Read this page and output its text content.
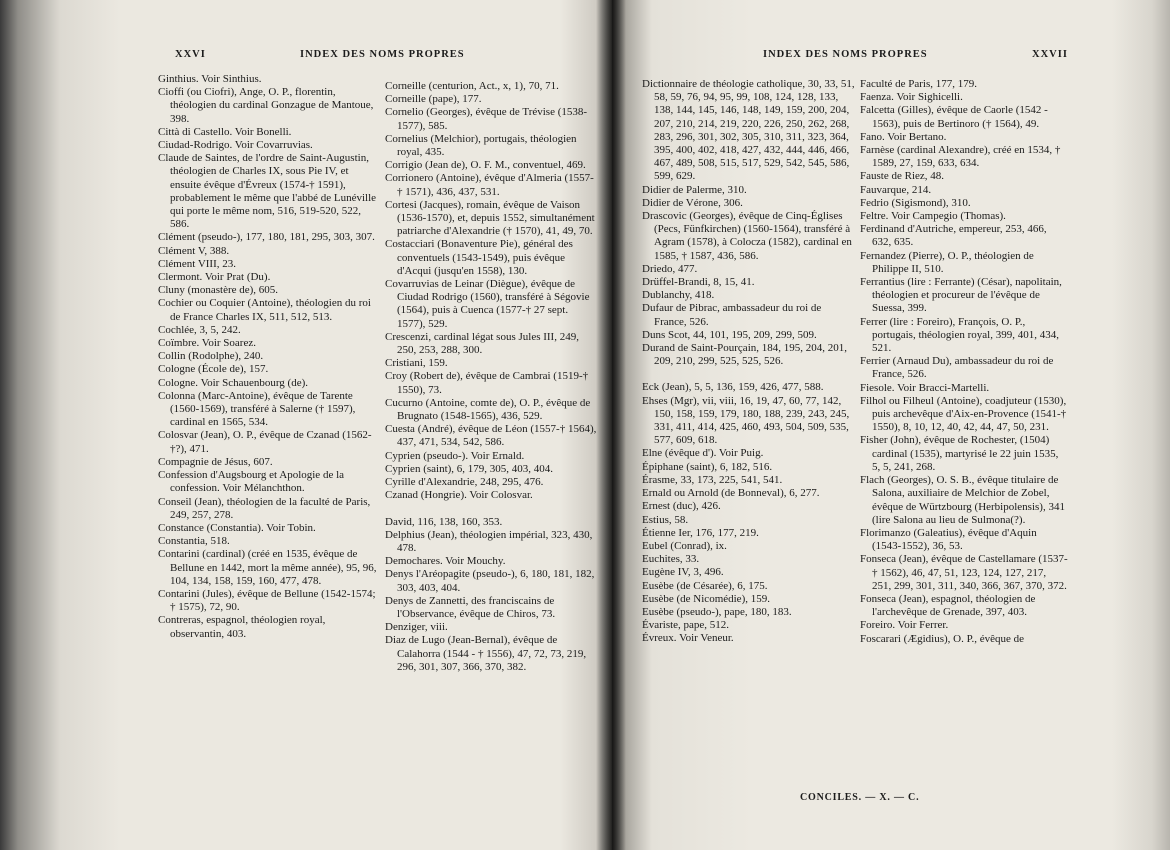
XXVI	INDEX DES NOMS PROPRES

Ginthius. Voir Sinthius.

Cioffi (ou Ciofri), Ange, O. P., florentin, théologien du cardinal Gonzague de Mantoue, 398.

Città di Castello. Voir Bonelli.

Ciudad-Rodrigo. Voir Covarruvias.

Claude de Saintes, de l'ordre de Saint-Augustin, théologien de Charles IX, sous Pie IV, et ensuite évêque d'Évreux (1574-† 1591), probablement le même que l'abbé de Lunéville qui porte le même nom, 516, 519-520, 522, 586.

Clément (pseudo-), 177, 180, 181, 295, 303, 307.

Clément V, 388.

Clément VIII, 23.

Clermont. Voir Prat (Du).

Cluny (monastère de), 605.

Cochier ou Coquier (Antoine), théologien du roi de France Charles IX, 511, 512, 513.

Cochlée, 3, 5, 242.

Coïmbre. Voir Soarez.

Collin (Rodolphe), 240.

Cologne (École de), 157.

Cologne. Voir Schauenbourg (de).

Colonna (Marc-Antoine), évêque de Tarente (1560-1569), transféré à Salerne († 1597), cardinal en 1565, 534.

Colosvar (Jean), O. P., évêque de Czanad (1562-†?), 471.

Compagnie de Jésus, 607.

Confession d'Augsbourg et Apologie de la confession. Voir Mélanchthon.

Conseil (Jean), théologien de la faculté de Paris, 249, 257, 278.

Constance (Constantia). Voir Tobin.

Constantia, 518.

Contarini (cardinal) (créé en 1535, évêque de Bellune en 1442, mort la même année), 95, 96, 104, 134, 158, 159, 160, 477, 478.

Contarini (Jules), évêque de Bellune (1542-1574; † 1575), 72, 90.

Contreras, espagnol, théologien royal, observantin, 403.

Corneille (centurion, Act., x, 1), 70, 71.

Corneille (pape), 177.

Cornelio (Georges), évêque de Trévise (1538-1577), 585.

Cornelius (Melchior), portugais, théologien royal, 435.

Corrigio (Jean de), O. F. M., conventuel, 469.

Corrionero (Antoine), évêque d'Almeria (1557-† 1571), 436, 437, 531.

Cortesi (Jacques), romain, évêque de Vaison (1536-1570), et, depuis 1552, simultanément patriarche d'Alexandrie († 1570), 41, 49, 70.

Costacciari (Bonaventure Pie), général des conventuels (1543-1549), puis évêque d'Acqui (jusqu'en 1558), 130.

Covarruvias de Leinar (Diègue), évêque de Ciudad Rodrigo (1560), transféré à Ségovie (1564), puis à Cuenca (1577-† 27 sept. 1577), 529.

Crescenzi, cardinal légat sous Jules III, 249, 250, 253, 288, 300.

Cristiani, 159.

Croy (Robert de), évêque de Cambrai (1519-† 1550), 73.

Cucurno (Antoine, comte de), O. P., évêque de Brugnato (1548-1565), 436, 529.

Cuesta (André), évêque de Léon (1557-† 1564), 437, 471, 534, 542, 586.

Cyprien (pseudo-). Voir Ernald.

Cyprien (saint), 6, 179, 305, 403, 404.

Cyrille d'Alexandrie, 248, 295, 476.

Czanad (Hongrie). Voir Colosvar.

David, 116, 138, 160, 353.

Delphius (Jean), théologien impérial, 323, 430, 478.

Demochares. Voir Mouchy.

Denys l'Aréopagite (pseudo-), 6, 180, 181, 182, 303, 403, 404.

Denys de Zannetti, des franciscains de l'Observance, évêque de Chiros, 73.

Denziger, viii.

Diaz de Lugo (Jean-Bernal), évêque de Calahorra (1544 - † 1556), 47, 72, 73, 219, 296, 301, 307, 366, 370, 382.

INDEX DES NOMS PROPRES	XXVII

Dictionnaire de théologie catholique, 30, 33, 51, 58, 59, 76, 94, 95, 99, 108, 124, 128, 133, 138, 144, 145, 146, 148, 149, 159, 200, 204, 207, 210, 214, 219, 220, 226, 250, 262, 268, 283, 296, 301, 302, 305, 310, 311, 323, 364, 395, 400, 402, 418, 427, 432, 444, 446, 466, 467, 489, 508, 515, 517, 529, 542, 545, 586, 599, 629.

Didier de Palerme, 310.

Didier de Vérone, 306.

Drascovic (Georges), évêque de Cinq-Églises (Pecs, Fünfkirchen) (1560-1564), transféré à Agram (1578), à Colocza (1582), cardinal en 1585, † 1587, 436, 586.

Driedo, 477.

Drüffel-Brandi, 8, 15, 41.

Dublanchy, 418.

Dufaur de Pibrac, ambassadeur du roi de France, 526.

Duns Scot, 44, 101, 195, 209, 299, 509.

Durand de Saint-Pourçain, 184, 195, 204, 201, 209, 210, 299, 525, 525, 526.

Eck (Jean), 5, 5, 136, 159, 426, 477, 588.

Ehses (Mgr), vii, viii, 16, 19, 47, 60, 77, 142, 150, 158, 159, 179, 180, 188, 239, 243, 245, 331, 411, 414, 425, 460, 493, 504, 509, 535, 577, 609, 618.

Elne (évêque d'). Voir Puig.

Épiphane (saint), 6, 182, 516.

Érasme, 33, 173, 225, 541, 541.

Ernald ou Arnold (de Bonneval), 6, 277.

Ernest (duc), 426.

Estius, 58.

Étienne Ier, 176, 177, 219.

Eubel (Conrad), ix.

Euchites, 33.

Eugène IV, 3, 496.

Eusèbe (de Césarée), 6, 175.

Eusèbe (de Nicomédie), 159.

Eusèbe (pseudo-), pape, 180, 183.

Évariste, pape, 512.

Évreux. Voir Veneur.

Faculté de Paris, 177, 179.

Faenza. Voir Sighicelli.

Falcetta (Gilles), évêque de Caorle (1542 - 1563), puis de Bertinoro († 1564), 49.

Fano. Voir Bertano.

Farnèse (cardinal Alexandre), créé en 1534, † 1589, 27, 159, 633, 634.

Fauste de Riez, 48.

Fauvarque, 214.

Fedrio (Sigismond), 310.

Feltre. Voir Campegio (Thomas).

Ferdinand d'Autriche, empereur, 253, 466, 632, 635.

Fernandez (Pierre), O. P., théologien de Philippe II, 510.

Ferrantius (lire : Ferrante) (César), napolitain, théologien et procureur de l'évêque de Suessa, 399.

Ferrer (lire : Foreiro), François, O. P., portugais, théologien royal, 399, 401, 434, 521.

Ferrier (Arnaud Du), ambassadeur du roi de France, 526.

Fiesole. Voir Bracci-Martelli.

Filhol ou Filheul (Antoine), coadjuteur (1530), puis archevêque d'Aix-en-Provence (1541-† 1550), 8, 10, 12, 40, 42, 44, 47, 50, 231.

Fisher (John), évêque de Rochester, (1504) cardinal (1535), martyrisé le 22 juin 1535, 5, 5, 241, 268.

Flach (Georges), O. S. B., évêque titulaire de Salona, auxiliaire de Melchior de Zobel, évêque de Würtzbourg (Herbipolensis), 341 (lire Salona au lieu de Sulmona(?).

Florimanzo (Galeatius), évêque d'Aquin (1543-1552), 36, 53.

Fonseca (Jean), évêque de Castellamare (1537-† 1562), 46, 47, 51, 123, 124, 127, 217, 251, 299, 301, 311, 340, 366, 367, 370, 372.

Fonseca (Jean), espagnol, théologien de l'archevêque de Grenade, 397, 403.

Foreiro. Voir Ferrer.

Foscarari (Ægidius), O. P., évêque de

CONCILES. — X. — C.
